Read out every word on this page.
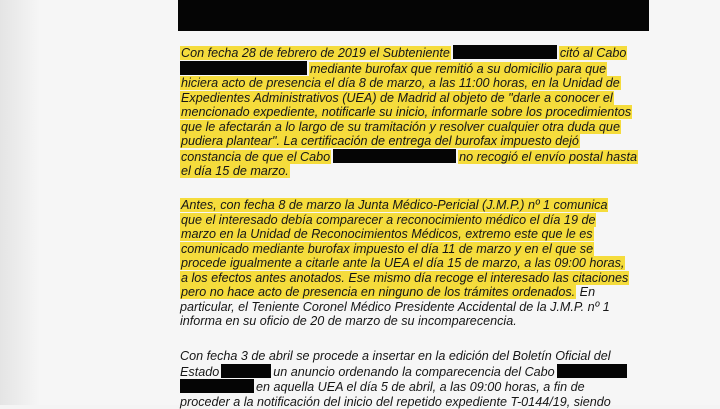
Con fecha 28 de febrero de 2019 el Subteniente	citó al Cabo
mediante burofax que remitió a su domicilio para que
hiciera acto de presencia el día 8 de marzo, a las 11:00 horas, en la Unidad de
Expedientes Administrativos (UEA) de Madrid al objeto de "darle a conocer el
mencionado expediente, notificarle su inicio, informarle sobre los procedimientos
que le afectarán a lo largo de su tramitación y resolver cualquier otra duda que
pudiera plantear". La certificación de entrega del burofax impuesto dejó
constancia de que el Cabo	no recogió el envío postal hasta
el día 15 de marzo.
Antes, con fecha 8 de marzo la Junta Médico-Pericial (J.M.P.) nº 1 comunica
que el interesado debía comparecer a reconocimiento médico el día 19 de
marzo en la Unidad de Reconocimientos Médicos, extremo este que le es
comunicado mediante burofax impuesto el día 11 de marzo y en el que se
procede igualmente a citarle ante la UEA el día 15 de marzo, a las 09:00 horas,
a los efectos antes anotados. Ese mismo día recoge el interesado las citaciones
pero no hace acto de presencia en ninguno de los trámites ordenados. En
particular, el Teniente Coronel Médico Presidente Accidental de la J.M.P. nº 1
informa en su oficio de 20 de marzo de su incomparecencia.
Con fecha 3 de abril se procede a insertar en la edición del Boletín Oficial del
Estado	un anuncio ordenando la comparecencia del Cabo
en aquella UEA el día 5 de abril, a las 09:00 horas, a fin de
proceder a la notificación del inicio del repetido expediente T-0144/19, siendo
